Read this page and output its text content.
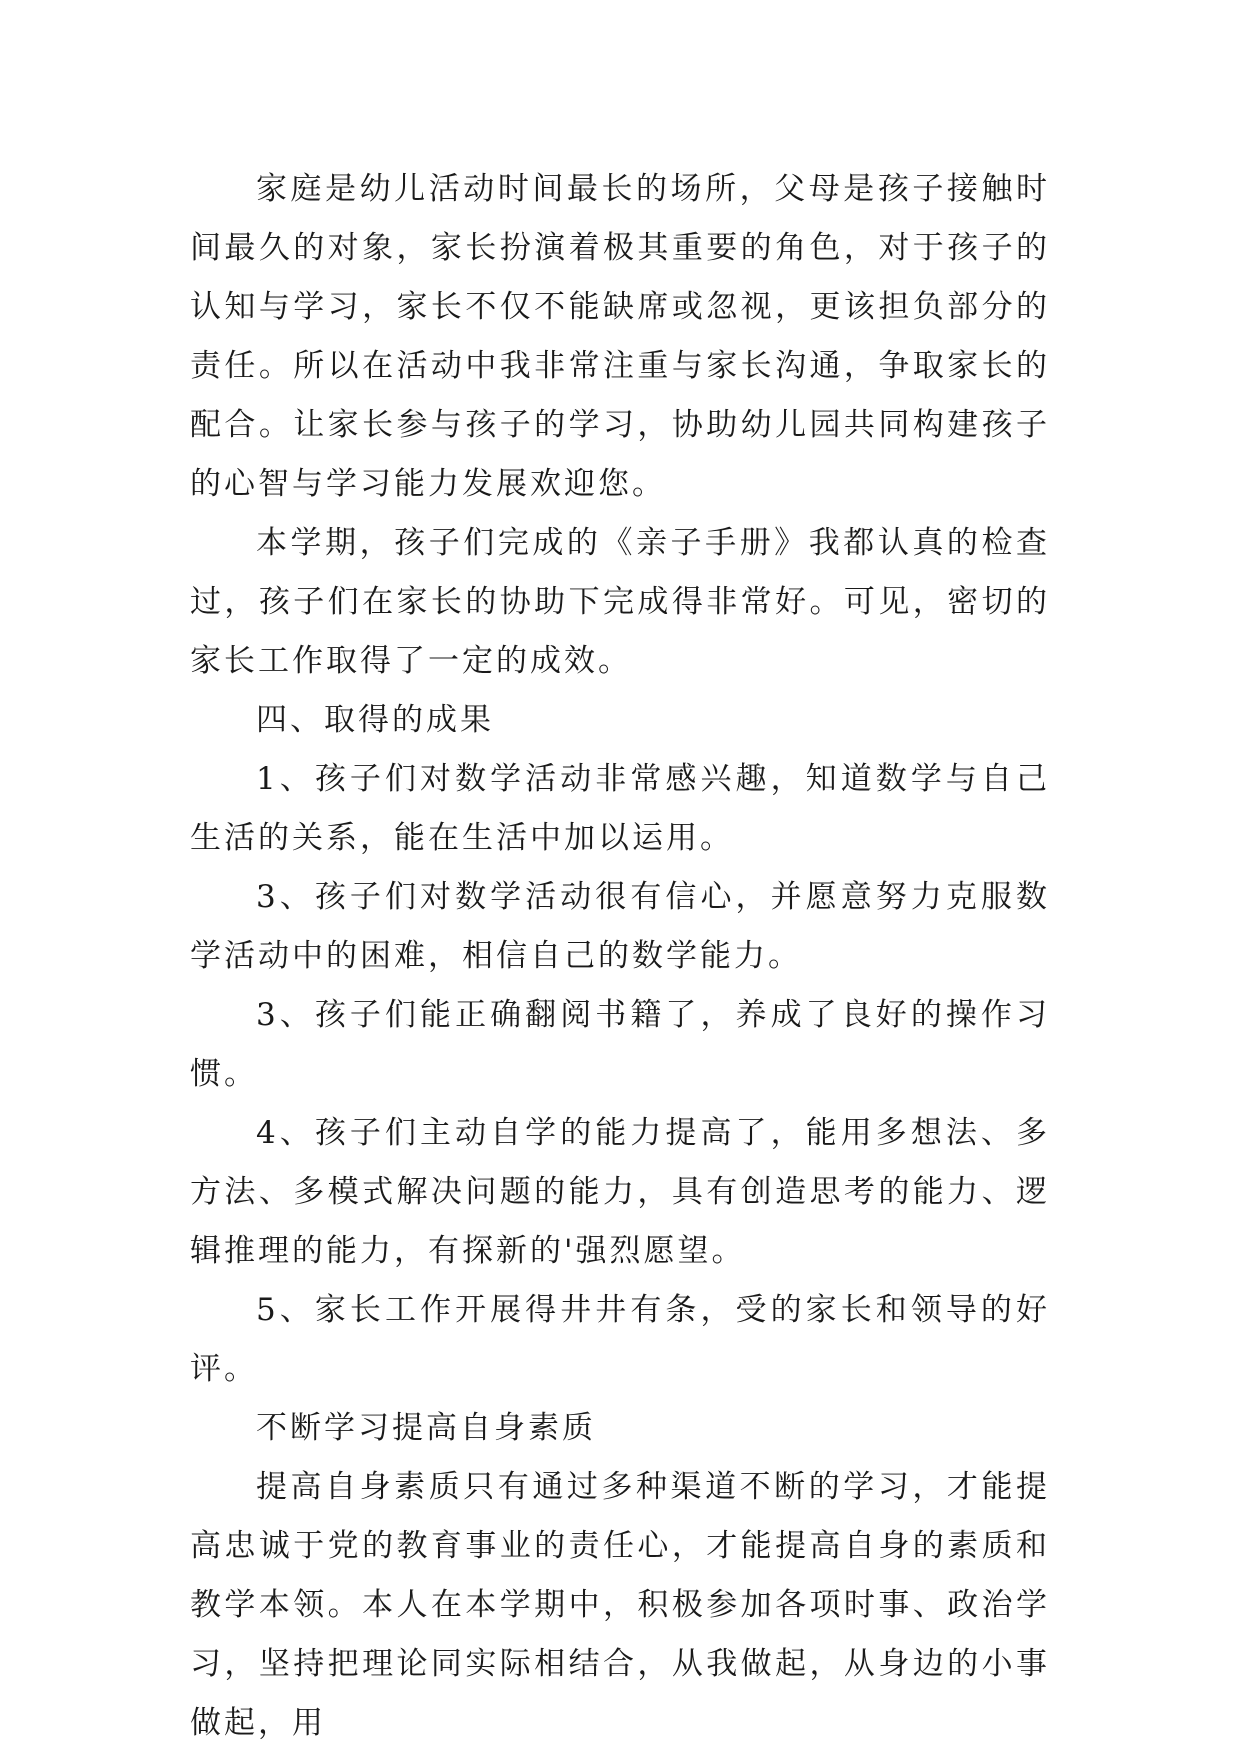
家庭是幼儿活动时间最长的场所，父母是孩子接触时间最久的对象，家长扮演着极其重要的角色，对于孩子的认知与学习，家长不仅不能缺席或忽视，更该担负部分的责任。所以在活动中我非常注重与家长沟通，争取家长的配合。让家长参与孩子的学习，协助幼儿园共同构建孩子的心智与学习能力发展欢迎您。

本学期，孩子们完成的《亲子手册》我都认真的检查过，孩子们在家长的协助下完成得非常好。可见，密切的家长工作取得了一定的成效。

四、取得的成果

1、孩子们对数学活动非常感兴趣，知道数学与自己生活的关系，能在生活中加以运用。

3、孩子们对数学活动很有信心，并愿意努力克服数学活动中的困难，相信自己的数学能力。

3、孩子们能正确翻阅书籍了，养成了良好的操作习惯。

4、孩子们主动自学的能力提高了，能用多想法、多方法、多模式解决问题的能力，具有创造思考的能力、逻辑推理的能力，有探新的'强烈愿望。

5、家长工作开展得井井有条，受的家长和领导的好评。

不断学习提高自身素质

提高自身素质只有通过多种渠道不断的学习，才能提高忠诚于党的教育事业的责任心，才能提高自身的素质和教学本领。本人在本学期中，积极参加各项时事、政治学习，坚持把理论同实际相结合，从我做起，从身边的小事做起，用
